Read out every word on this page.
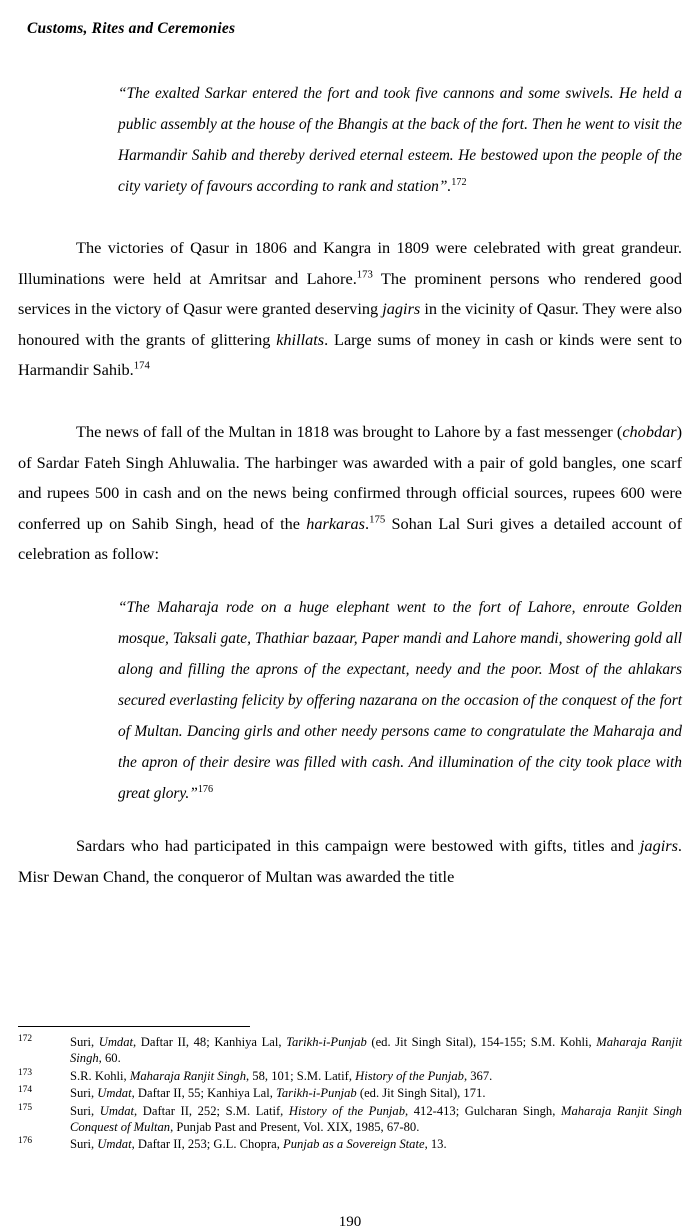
Customs, Rites and Ceremonies
“The exalted Sarkar entered the fort and took five cannons and some swivels. He held a public assembly at the house of the Bhangis at the back of the fort. Then he went to visit the Harmandir Sahib and thereby derived eternal esteem. He bestowed upon the people of the city variety of favours according to rank and station”.$^{172}$

The victories of Qasur in 1806 and Kangra in 1809 were celebrated with great grandeur. Illuminations were held at Amritsar and Lahore.$^{173}$ The prominent persons who rendered good services in the victory of Qasur were granted deserving jagirs in the vicinity of Qasur. They were also honoured with the grants of glittering khillats. Large sums of money in cash or kinds were sent to Harmandir Sahib.$^{174}$

The news of fall of the Multan in 1818 was brought to Lahore by a fast messenger (chobdar) of Sardar Fateh Singh Ahluwalia. The harbinger was awarded with a pair of gold bangles, one scarf and rupees 500 in cash and on the news being confirmed through official sources, rupees 600 were conferred up on Sahib Singh, head of the harkaras.$^{175}$ Sohan Lal Suri gives a detailed account of celebration as follow:

“The Maharaja rode on a huge elephant went to the fort of Lahore, enroute Golden mosque, Taksali gate, Thathiar bazaar, Paper mandi and Lahore mandi, showering gold all along and filling the aprons of the expectant, needy and the poor. Most of the ahlakars secured everlasting felicity by offering nazarana on the occasion of the conquest of the fort of Multan. Dancing girls and other needy persons came to congratulate the Maharaja and the apron of their desire was filled with cash. And illumination of the city took place with great glory.”$^{176}$

Sardars who had participated in this campaign were bestowed with gifts, titles and jagirs. Misr Dewan Chand, the conqueror of Multan was awarded the title

172	Suri, Umdat, Daftar II, 48; Kanhiya Lal, Tarikh-i-Punjab (ed. Jit Singh Sital), 154-155; S.M. Kohli, Maharaja Ranjit Singh, 60.
173	S.R. Kohli, Maharaja Ranjit Singh, 58, 101; S.M. Latif, History of the Punjab, 367.
174	Suri, Umdat, Daftar II, 55; Kanhiya Lal, Tarikh-i-Punjab (ed. Jit Singh Sital), 171.
175	Suri, Umdat, Daftar II, 252; S.M. Latif, History of the Punjab, 412-413; Gulcharan Singh, Maharaja Ranjit Singh Conquest of Multan, Punjab Past and Present, Vol. XIX, 1985, 67-80.
176	Suri, Umdat, Daftar II, 253; G.L. Chopra, Punjab as a Sovereign State, 13.
190
